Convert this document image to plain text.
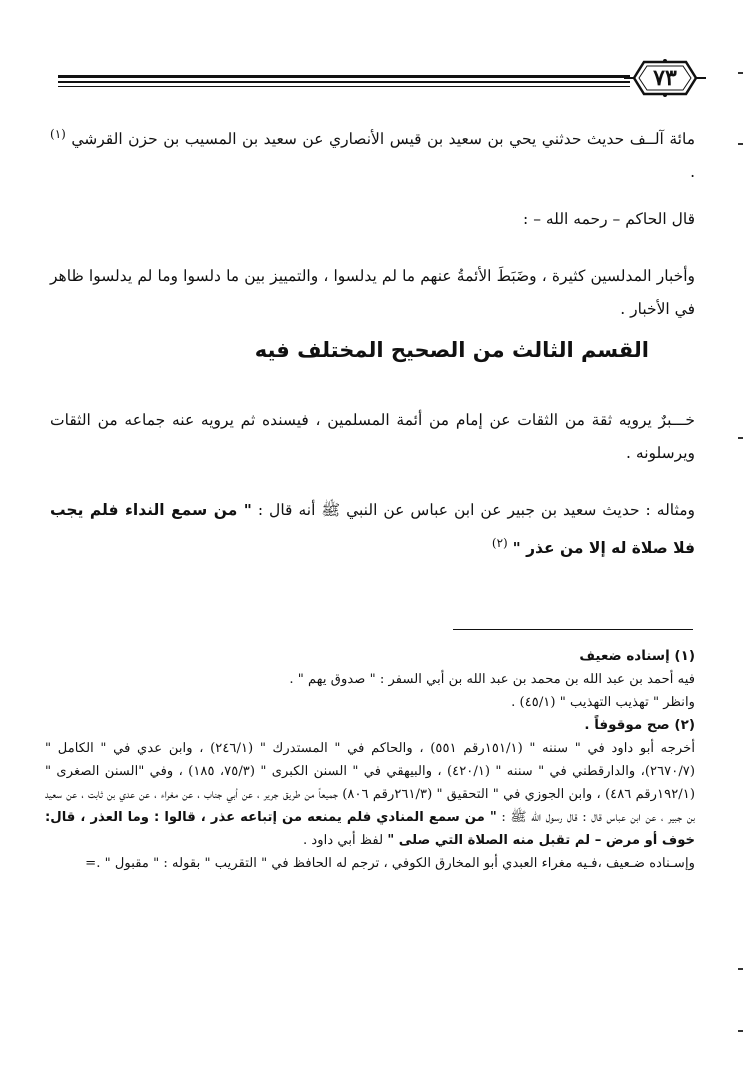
٧٣
مائة آلــف حديث حدثني يحي بن سعيد بن قيس الأنصاري عن سعيد بن المسيب بن حزن القرشي $^{(١)}$ .
قال الحاكم – رحمه الله – :
وأخبار المدلسين كثيرة ، وضَبَطَ الأئمةُ عنهم ما لم يدلسوا ، والتمييز بين ما دلسوا وما لم يدلسوا ظاهر في الأخبار .
القسم الثالث من الصحيح المختلف فيه
خـــبرٌ يرويه ثقة من الثقات عن إمام من أئمة المسلمين ، فيسنده ثم يرويه عنه جماعه من الثقات ويرسلونه .
ومثاله : حديث سعيد بن جبير عن ابن عباس عن النبي ﷺ أنه قال : " من سمع النداء فلم يجب فلا صلاة له إلا من عذر " $^{(٢)}$
(١) إسناده ضعيف
فيه أحمد بن عبد الله بن محمد بن عبد الله بن أبي السفر : " صدوق يهم " .
وانظر " تهذيب التهذيب " (٤٥/١) .
(٢) صح موقوفاً .
أخرجه أبو داود في " سننه " (١٥١/١رقم ٥٥١) ، والحاكم في " المستدرك " (٢٤٦/١) ، وابن عدي في " الكامل " (٢٦٧٠/٧)، والدارقطني في " سننه " (٤٢٠/١) ، والبيهقي في " السنن الكبرى " (٧٥/٣، ١٨٥) ، وفي "السنن الصغرى " (١٩٢/١رقم ٤٨٦) ، وابن الجوزي في " التحقيق " (٢٦١/٣رقم ٨٠٦) جميعاً من طريق جرير ، عن أبي جناب ، عن مغراء ، عن عدي بن ثابت ، عن سعيد بن جبير ، عن ابن عباس قال : قال رسول الله ﷺ : " من سمع المنادي فلم يمنعه من إتباعه عذر ، قالوا : وما العذر ، قال: خوف أو مرض – لم تقبل منه الصلاة التي صلى " لفظ أبي داود .
وإسـناده ضـعيف ،فـيه مغراء العبدي أبو المخارق الكوفي ، ترجم له الحافظ في " التقريب " بقوله : " مقبول " .=
